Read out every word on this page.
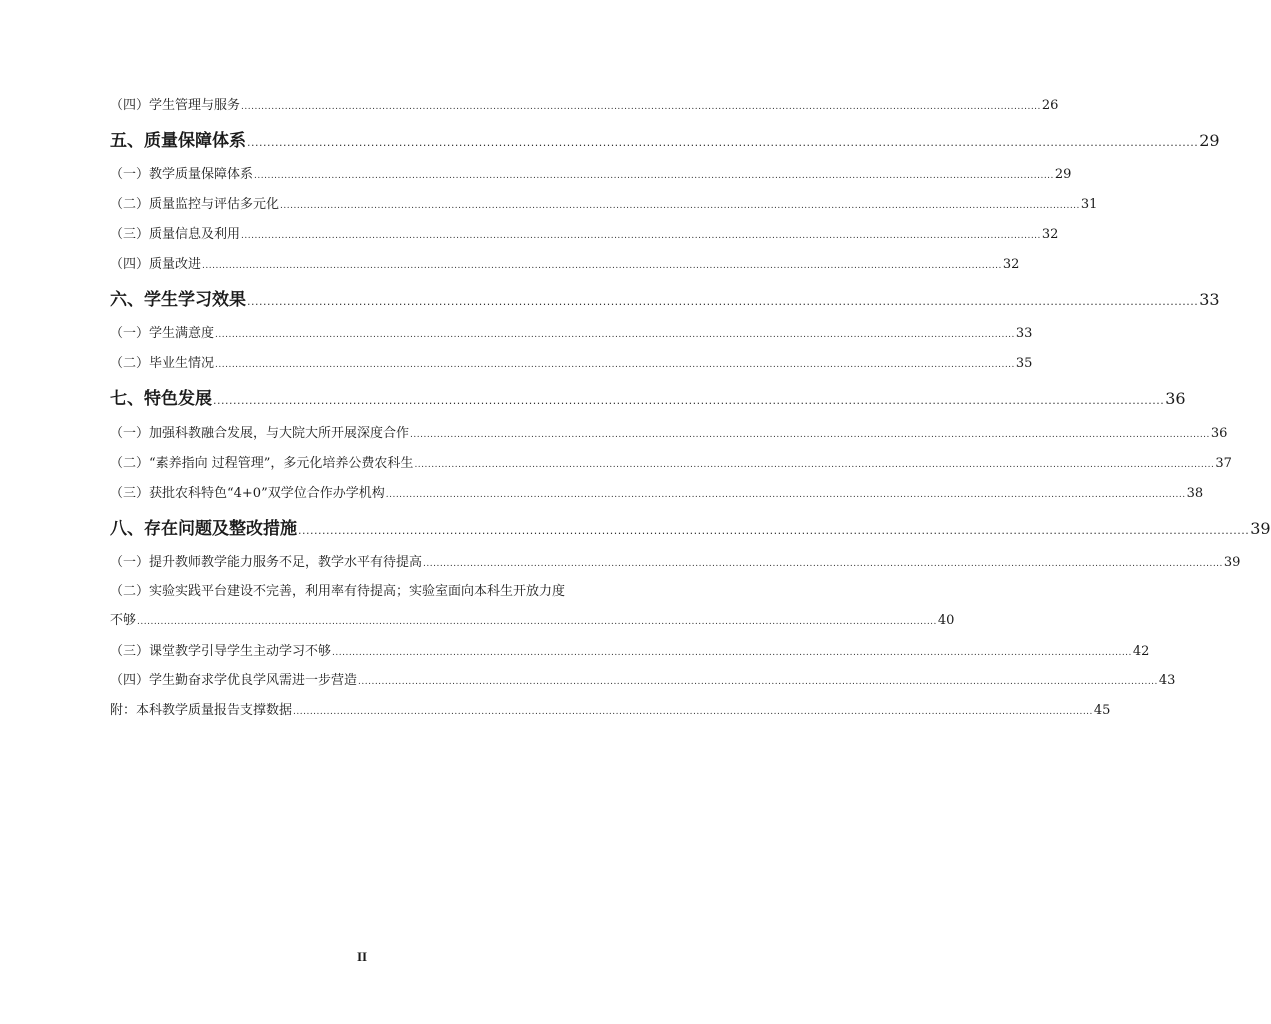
（四）学生管理与服务 .............................................................................................................................................................................................................................................. 26
五、质量保障体系 .............................................................................................................................................................................................................................................. 29
（一）教学质量保障体系 .............................................................................................................................................................................................................................................. 29
（二）质量监控与评估多元化 .............................................................................................................................................................................................................................................. 31
（三）质量信息及利用 .............................................................................................................................................................................................................................................. 32
（四）质量改进 .............................................................................................................................................................................................................................................. 32
六、学生学习效果 .............................................................................................................................................................................................................................................. 33
（一）学生满意度 .............................................................................................................................................................................................................................................. 33
（二）毕业生情况 .............................................................................................................................................................................................................................................. 35
七、特色发展 .............................................................................................................................................................................................................................................. 36
（一）加强科教融合发展，与大院大所开展深度合作 .............................................................................................................................................................................................................................................. 36
（二）“素养指向 过程管理”，多元化培养公费农科生 .............................................................................................................................................................................................................................................. 37
（三）获批农科特色“4+0”双学位合作办学机构 .............................................................................................................................................................................................................................................. 38
八、存在问题及整改措施 .............................................................................................................................................................................................................................................. 39
（一）提升教师教学能力服务不足，教学水平有待提高 .............................................................................................................................................................................................................................................. 39
（二）实验实践平台建设不完善，利用率有待提高；实验室面向本科生开放力度
不够 .............................................................................................................................................................................................................................................. 40
（三）课堂教学引导学生主动学习不够 .............................................................................................................................................................................................................................................. 42
（四）学生勤奋求学优良学风需进一步营造 .............................................................................................................................................................................................................................................. 43
附：本科教学质量报告支撑数据 .............................................................................................................................................................................................................................................. 45
II
